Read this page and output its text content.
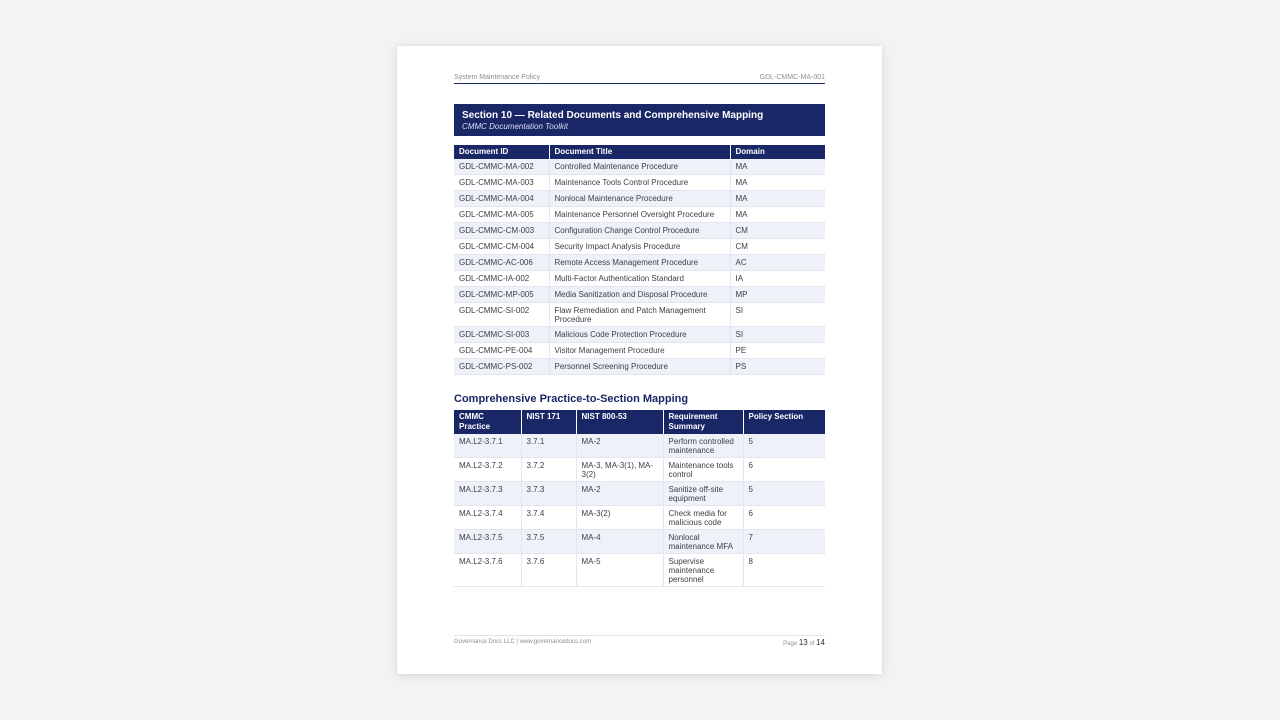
System Maintenance Policy	GDL-CMMC-MA-001
Section 10 — Related Documents and Comprehensive Mapping
CMMC Documentation Toolkit
Document ID	Document Title	Domain
GDL-CMMC-MA-002	Controlled Maintenance Procedure	MA
GDL-CMMC-MA-003	Maintenance Tools Control Procedure	MA
GDL-CMMC-MA-004	Nonlocal Maintenance Procedure	MA
GDL-CMMC-MA-005	Maintenance Personnel Oversight Procedure	MA
GDL-CMMC-CM-003	Configuration Change Control Procedure	CM
GDL-CMMC-CM-004	Security Impact Analysis Procedure	CM
GDL-CMMC-AC-006	Remote Access Management Procedure	AC
GDL-CMMC-IA-002	Multi-Factor Authentication Standard	IA
GDL-CMMC-MP-005	Media Sanitization and Disposal Procedure	MP
GDL-CMMC-SI-002	Flaw Remediation and Patch Management Procedure	SI
GDL-CMMC-SI-003	Malicious Code Protection Procedure	SI
GDL-CMMC-PE-004	Visitor Management Procedure	PE
GDL-CMMC-PS-002	Personnel Screening Procedure	PS
Comprehensive Practice-to-Section Mapping
CMMC Practice	NIST 171	NIST 800-53	Requirement Summary	Policy Section
MA.L2-3.7.1	3.7.1	MA-2	Perform controlled maintenance	5
MA.L2-3.7.2	3.7.2	MA-3, MA-3(1), MA-3(2)	Maintenance tools control	6
MA.L2-3.7.3	3.7.3	MA-2	Sanitize off-site equipment	5
MA.L2-3.7.4	3.7.4	MA-3(2)	Check media for malicious code	6
MA.L2-3.7.5	3.7.5	MA-4	Nonlocal maintenance MFA	7
MA.L2-3.7.6	3.7.6	MA-5	Supervise maintenance personnel	8
Governance Docs LLC | www.governancedocs.com	Page 13 of 14
